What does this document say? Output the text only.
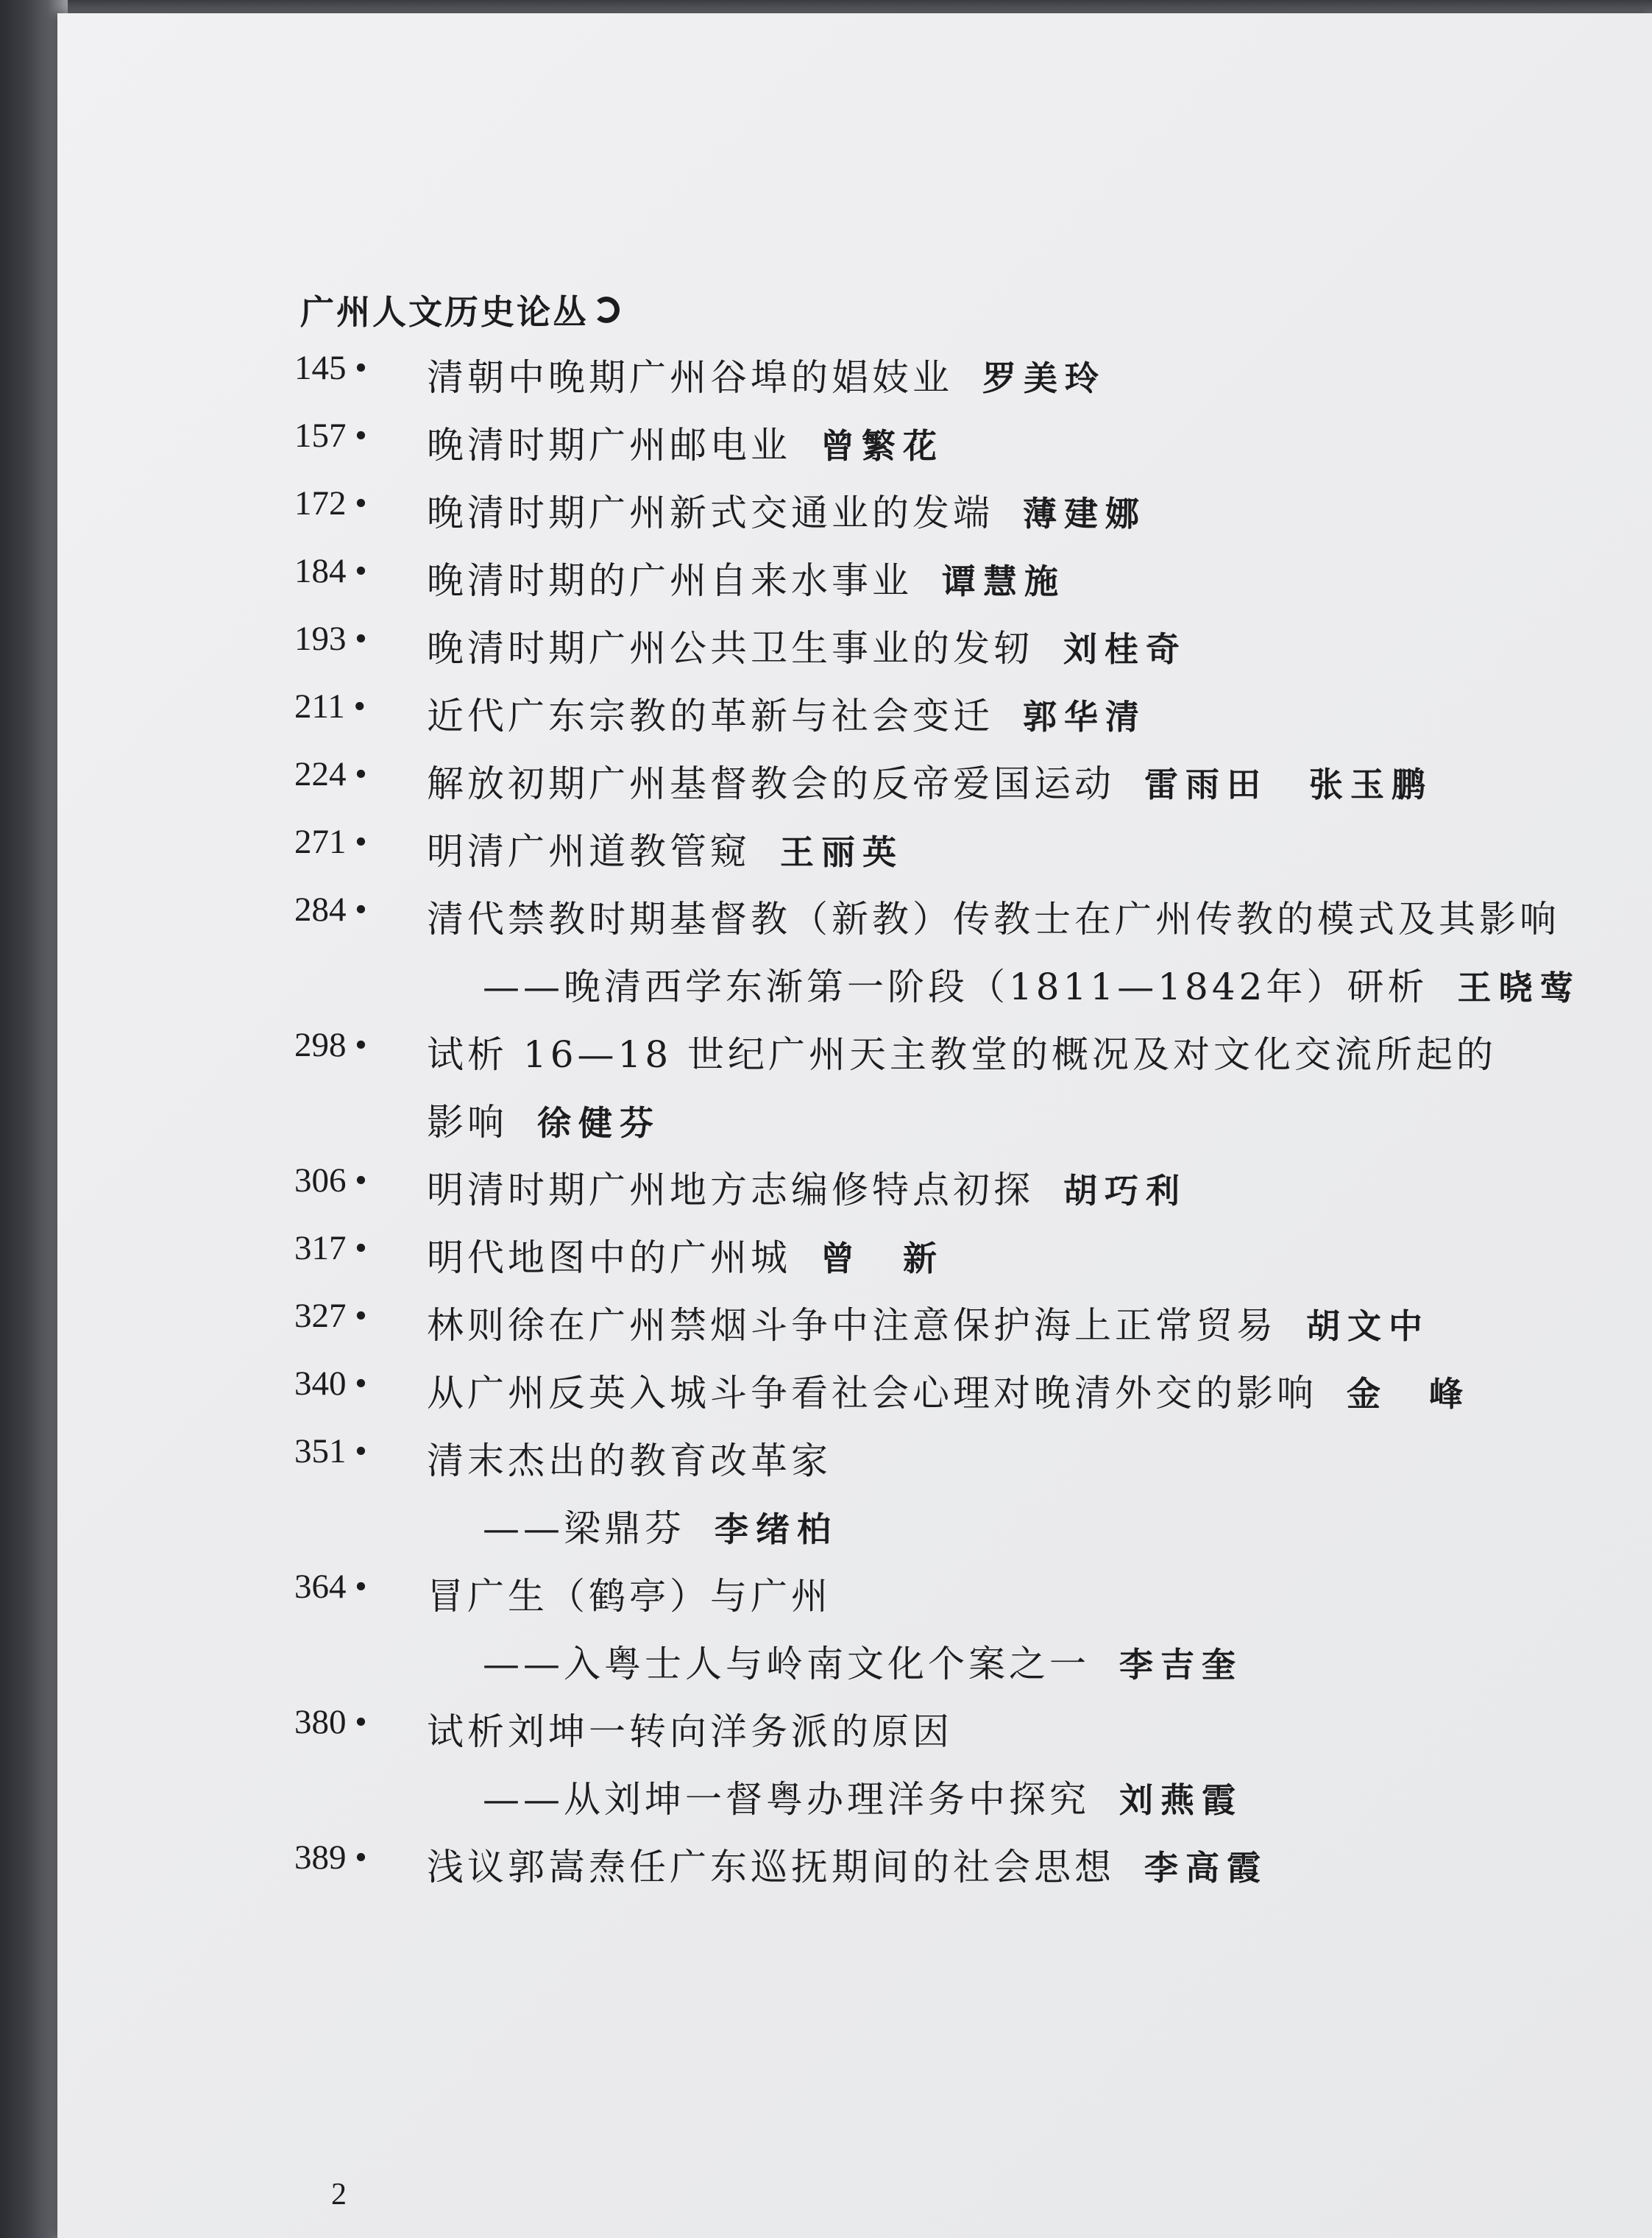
广州人文历史论丛
145 •	清朝中晚期广州谷埠的娼妓业 罗美玲
157 •	晚清时期广州邮电业 曾繁花
172 •	晚清时期广州新式交通业的发端 薄建娜
184 •	晚清时期的广州自来水事业 谭慧施
193 •	晚清时期广州公共卫生事业的发轫 刘桂奇
211 •	近代广东宗教的革新与社会变迁 郭华清
224 •	解放初期广州基督教会的反帝爱国运动 雷雨田　张玉鹏
271 •	明清广州道教管窥 王丽英
284 •	清代禁教时期基督教（新教）传教士在广州传教的模式及其影响
——晚清西学东渐第一阶段（1811—1842年）研析 王晓莺
298 •	试析 16—18 世纪广州天主教堂的概况及对文化交流所起的
影响 徐健芬
306 •	明清时期广州地方志编修特点初探 胡巧利
317 •	明代地图中的广州城 曾　新
327 •	林则徐在广州禁烟斗争中注意保护海上正常贸易 胡文中
340 •	从广州反英入城斗争看社会心理对晚清外交的影响 金　峰
351 •	清末杰出的教育改革家
——梁鼎芬 李绪柏
364 •	冒广生（鹤亭）与广州
——入粤士人与岭南文化个案之一 李吉奎
380 •	试析刘坤一转向洋务派的原因
——从刘坤一督粤办理洋务中探究 刘燕霞
389 •	浅议郭嵩焘任广东巡抚期间的社会思想 李高霞
2
